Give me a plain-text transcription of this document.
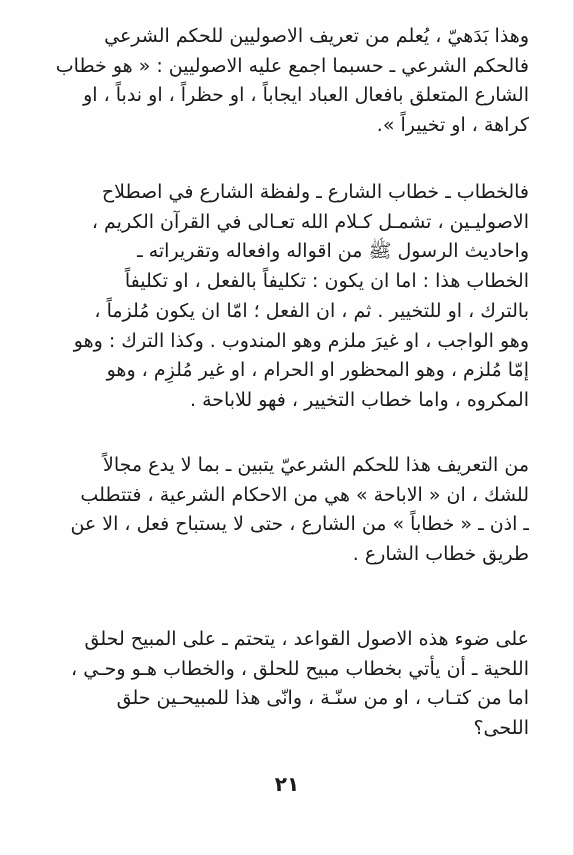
وهذا بَدَهيّ ، يُعلم من تعريف الاصوليين للحكم الشرعي
فالحكم الشرعي ـ حسبما اجمع عليه الاصوليين : « هو خطاب
الشارع المتعلق بافعال العباد ايجاباً ، او حظراً ، او ندباً ، او
كراهة ، او تخييراً ».

فالخطاب ـ خطاب الشارع ـ ولفظة الشارع في اصطلاح
الاصوليـين ، تشمـل كـلام الله تعـالى في القرآن الكريم ،
واحاديث الرسول ﷺ من اقواله وافعاله وتقريراته ـ
الخطاب هذا : اما ان يكون : تكليفاً بالفعل ، او تكليفاً
بالترك ، او للتخيير . ثم ، ان الفعل ؛ امّا ان يكون مُلزماً ،
وهو الواجب ، او غيرَ ملزم وهو المندوب . وكذا الترك : وهو
إمّا مُلزم ، وهو المحظور او الحرام ، او غير مُلزِم ، وهو
المكروه ، واما خطاب التخيير ، فهو للاباحة .

من التعريف هذا للحكم الشرعيّ يتبين ـ بما لا يدع مجالاً
للشك ، ان « الاباحة » هي من الاحكام الشرعية ، فتتطلب
ـ اذن ـ « خطاباً » من الشارع ، حتى لا يستباح فعل ، الا عن
طريق خطاب الشارع .

على ضوء هذه الاصول القواعد ، يتحتم ـ على المبيح لحلق
اللحية ـ أن يأتي بخطاب مبيح للحلق ، والخطاب هـو وحـي ،
اما من كتـاب ، او من سنّـة ، وانّى هذا للمبيحـين حلق
اللحى؟

٢١
